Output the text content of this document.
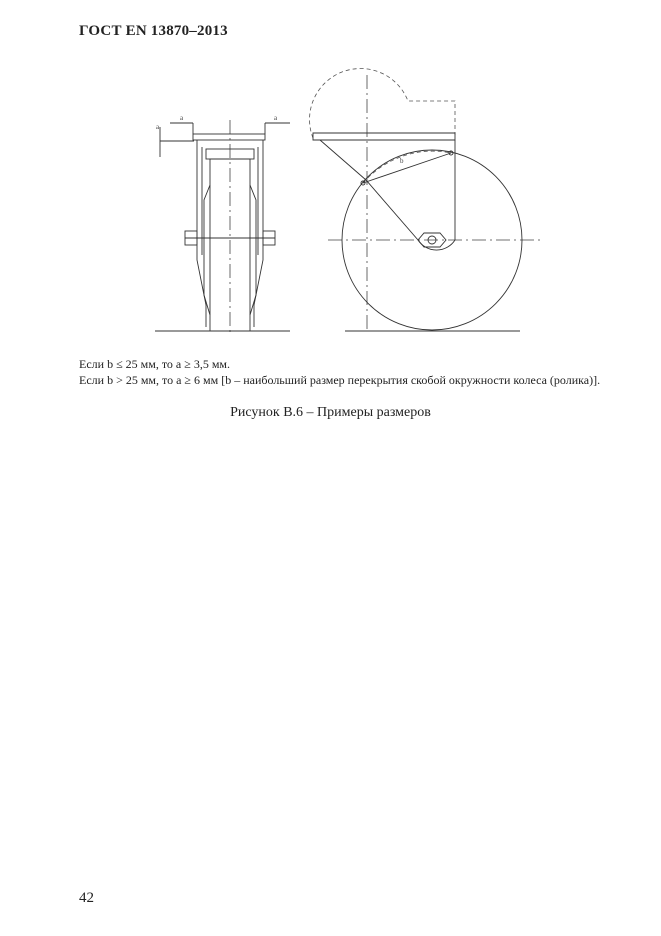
ГОСТ EN 13870–2013
a	a
a
b

Если b ≤ 25 мм, то a ≥ 3,5 мм.

Если b > 25 мм, то a ≥ 6 мм [b – наибольший размер перекрытия скобой окружности колеса (ролика)].

Рисунок B.6 – Примеры размеров
42
